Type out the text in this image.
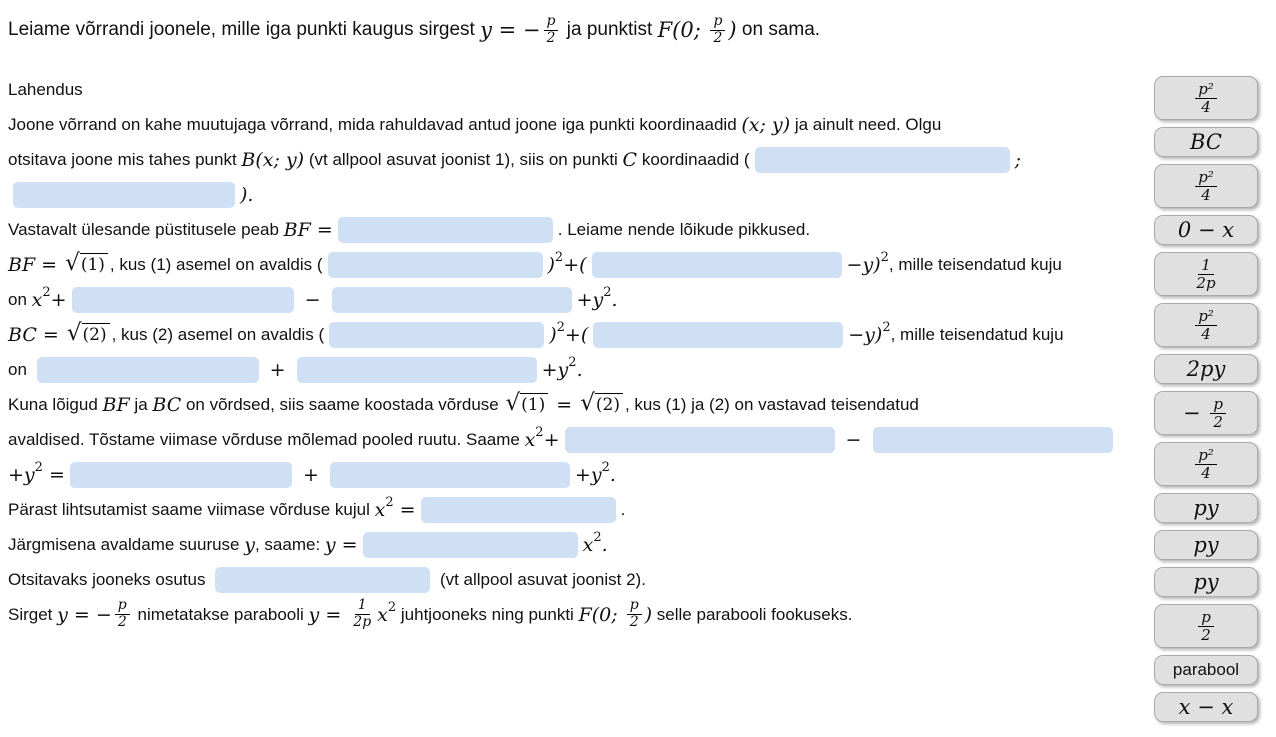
Leiame võrrandi joonele, mille iga punkti kaugus sirgest y = − $\frac{p}{2}$ ja punktist F(0; $\frac{p}{2}$ ) on sama.
Lahendus
Joone võrrand on kahe muutujaga võrrand, mida rahuldavad antud joone iga punkti koordinaadid (x; y) ja ainult need. Olgu
otsitava joone mis tahes punkt B(x; y) (vt allpool asuvat joonist 1), siis on punkti C koordinaadid (	;
).
Vastavalt ülesande püstitusele peab BF =	. Leiame nende lõikude pikkused.
BF = √ (1) , kus (1) asemel on avaldis (	) 2 +(	−y) 2 , mille teisendatud kuju
on x 2 +	−	+y 2 .
BC = √ (2) , kus (2) asemel on avaldis (	) 2 +(	−y) 2 , mille teisendatud kuju
on	+	+y 2 .
Kuna lõigud BF ja BC on võrdsed, siis saame koostada võrduse √ (1) = √ (2) , kus (1) ja (2) on vastavad teisendatud
avaldised. Tõstame viimase võrduse mõlemad pooled ruutu. Saame x 2 +	−
+y 2 =	+	+y 2 .
Pärast lihtsutamist saame viimase võrduse kujul x 2 =	.
Järgmisena avaldame suuruse y , saame: y =	x 2 .
Otsitavaks jooneks osutus	(vt allpool asuvat joonist 2).
Sirget y = − $\frac{p}{2}$ nimetatakse parabooli $y = \frac{1}{2p}$ x 2 juhtjooneks ning punkti F(0; $\frac{p}{2}$ ) selle parabooli fookuseks.
$\frac{\text{p²}}{4}$
BC
$\frac{\text{p²}}{4}$
0 − x
$\frac{1}{2p}$
$\frac{\text{p²}}{4}$
2py
− $\frac{p}{2}$
$\frac{\text{p²}}{4}$
py
py
py
$\frac{p}{2}$
parabool
x − x
